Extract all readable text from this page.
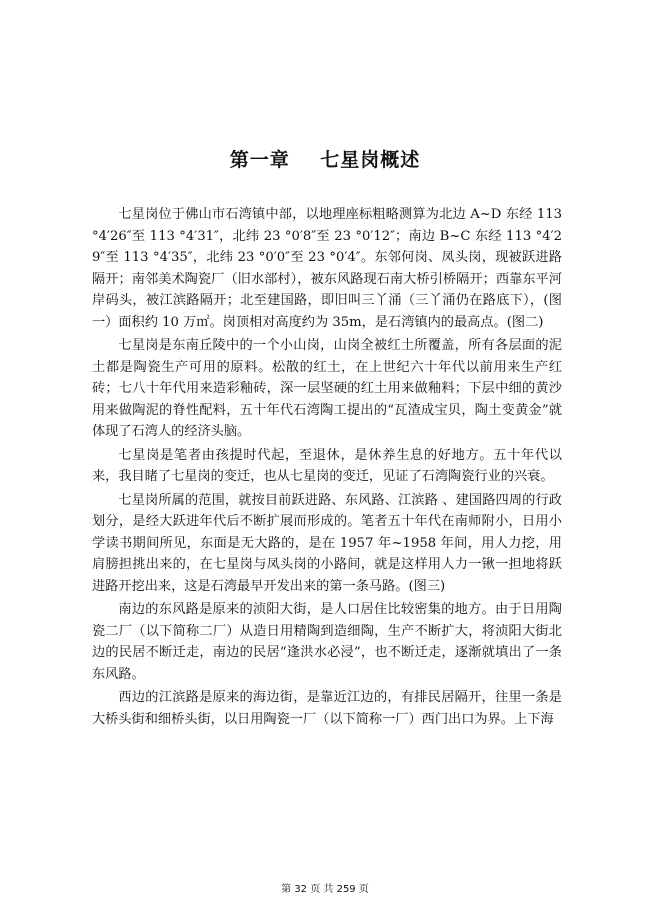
第一章    七星岗概述

七星岗位于佛山市石湾镇中部，以地理座标粗略测算为北边 A~D 东经 113 °4′26″至 113 °4′31″，北纬 23 °0′8″至 23 °0′12″；南边 B~C 东经 113 °4′29″至 113 °4′35″，北纬 23 °0′0″至 23 °0′4″。东邻何岗、凤头岗，现被跃进路隔开；南邻美术陶瓷厂（旧水部村），被东风路现石南大桥引桥隔开；西靠东平河岸码头，被江滨路隔开；北至建国路，即旧叫三丫涌（三丫涌仍在路底下），(图一）面积约 10 万㎡。岗顶相对高度约为 35m，是石湾镇内的最高点。(图二)

七星岗是东南丘陵中的一个小山岗，山岗全被红土所覆盖，所有各层面的泥土都是陶瓷生产可用的原料。松散的红土，在上世纪六十年代以前用来生产红砖；七八十年代用来造彩釉砖，深一层坚硬的红土用来做釉料；下层中细的黄沙用来做陶泥的脊性配料，五十年代石湾陶工提出的“瓦渣成宝贝，陶土变黄金”就体现了石湾人的经济头脑。

七星岗是笔者由孩提时代起，至退休，是休养生息的好地方。五十年代以来，我目睹了七星岗的变迁，也从七星岗的变迁，见证了石湾陶瓷行业的兴衰。

七星岗所属的范围，就按目前跃进路、东风路、江滨路 、建国路四周的行政划分，是经大跃进年代后不断扩展而形成的。笔者五十年代在南师附小，日用小学读书期间所见，东面是无大路的，是在 1957 年~1958 年间，用人力挖，用肩膀担挑出来的，在七星岗与凤头岗的小路间，就是这样用人力一锹一担地将跃进路开挖出来，这是石湾最早开发出来的第一条马路。(图三)

南边的东风路是原来的浈阳大街，是人口居住比较密集的地方。由于日用陶瓷二厂（以下简称二厂）从造日用精陶到造细陶，生产不断扩大，将浈阳大街北边的民居不断迁走，南边的民居“逢洪水必浸”，也不断迁走，逐渐就填出了一条东风路。

西边的江滨路是原来的海边街，是靠近江边的，有排民居隔开，往里一条是大桥头街和细桥头街，以日用陶瓷一厂（以下简称一厂）西门出口为界。上下海

第 32 页 共 259 页
